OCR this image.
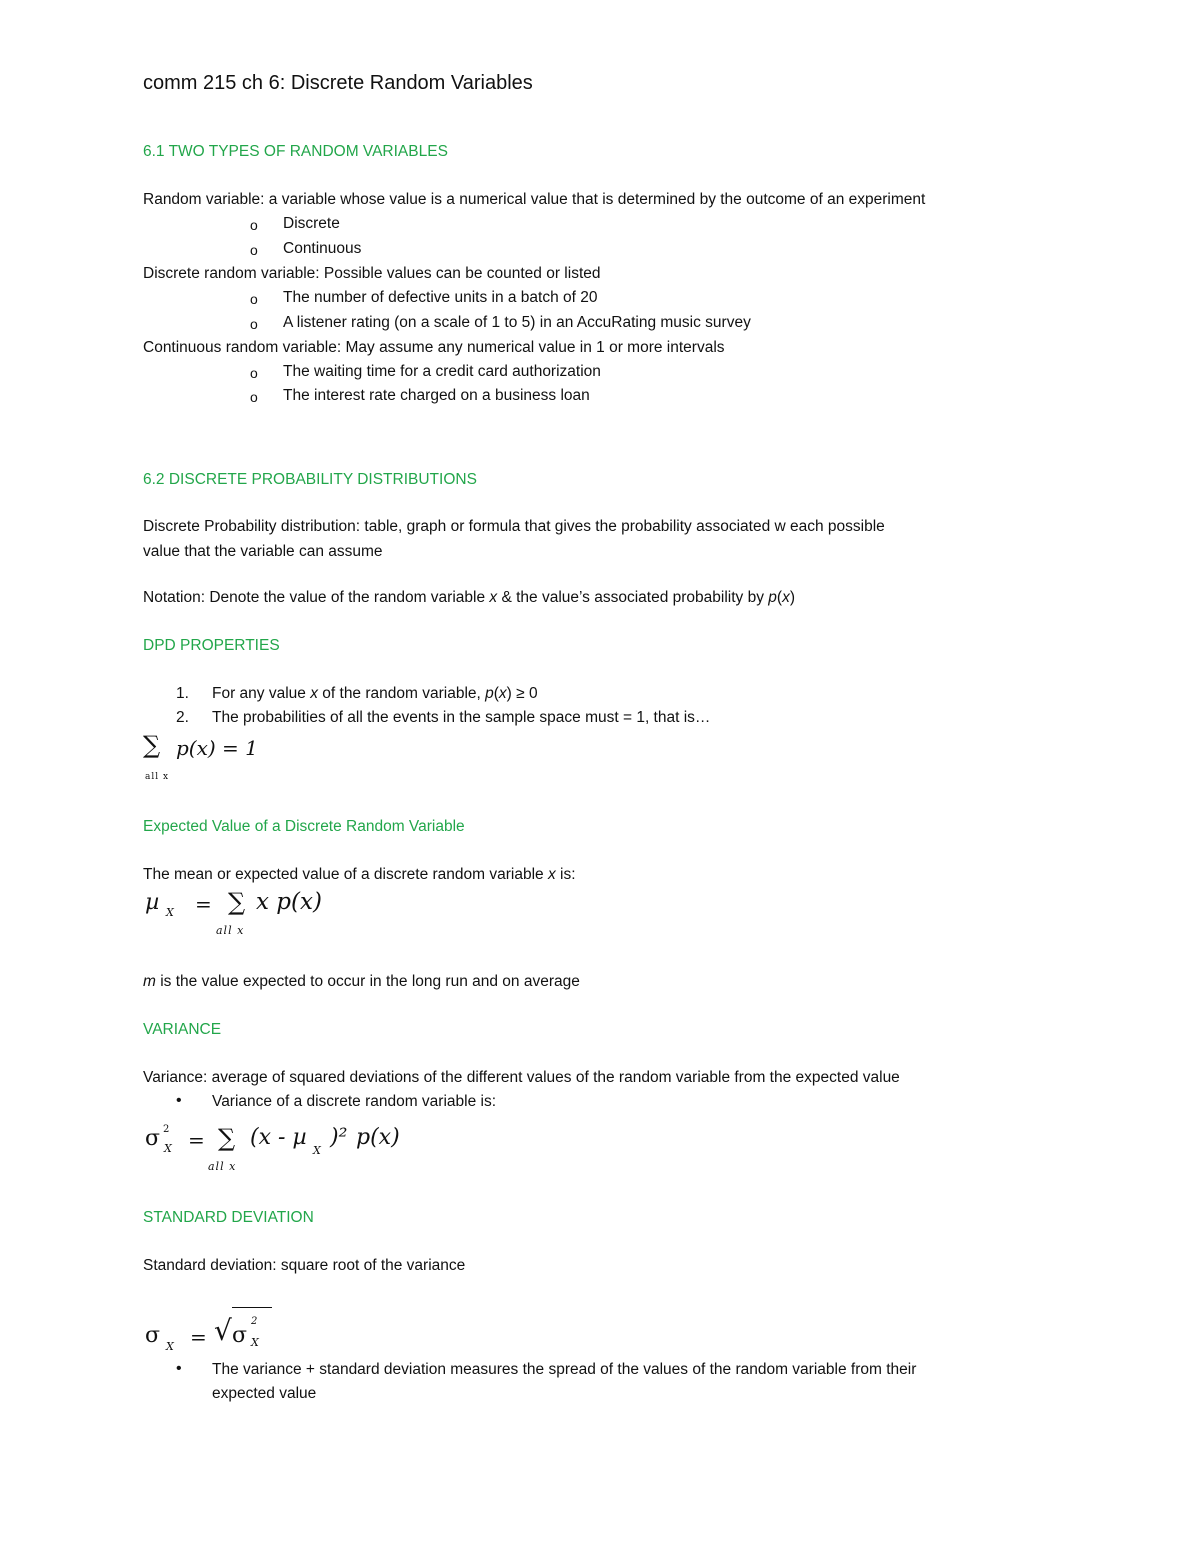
comm 215 ch 6: Discrete Random Variables
6.1 TWO TYPES OF RANDOM VARIABLES
Random variable: a variable whose value is a numerical value that is determined by the outcome of an experiment
o Discrete
o Continuous
Discrete random variable: Possible values can be counted or listed
o The number of defective units in a batch of 20
o A listener rating (on a scale of 1 to 5) in an AccuRating music survey
Continuous random variable: May assume any numerical value in 1 or more intervals
o The waiting time for a credit card authorization
o The interest rate charged on a business loan
6.2 DISCRETE PROBABILITY DISTRIBUTIONS
Discrete Probability distribution: table, graph or formula that gives the probability associated w each possible
value that the variable can assume
Notation: Denote the value of the random variable x & the value’s associated probability by p(x)
DPD PROPERTIES
1. For any value x of the random variable, p(x) ≥ 0
2. The probabilities of all the events in the sample space must = 1, that is…
∑
all x
p(x) = 1
Expected Value of a Discrete Random Variable
The mean or expected value of a discrete random variable x is:
µ X = ∑
all x
x p(x)
m is the value expected to occur in the long run and on average
VARIANCE
Variance: average of squared deviations of the different values of the random variable from the expected value
• Variance of a discrete random variable is:
σ 2
X = ∑
all x
(x - µ
X
)² p(x)
STANDARD DEVIATION
Standard deviation: square root of the variance
σ X = √ σ
2
X
• The variance + standard deviation measures the spread of the values of the random variable from their
expected value
